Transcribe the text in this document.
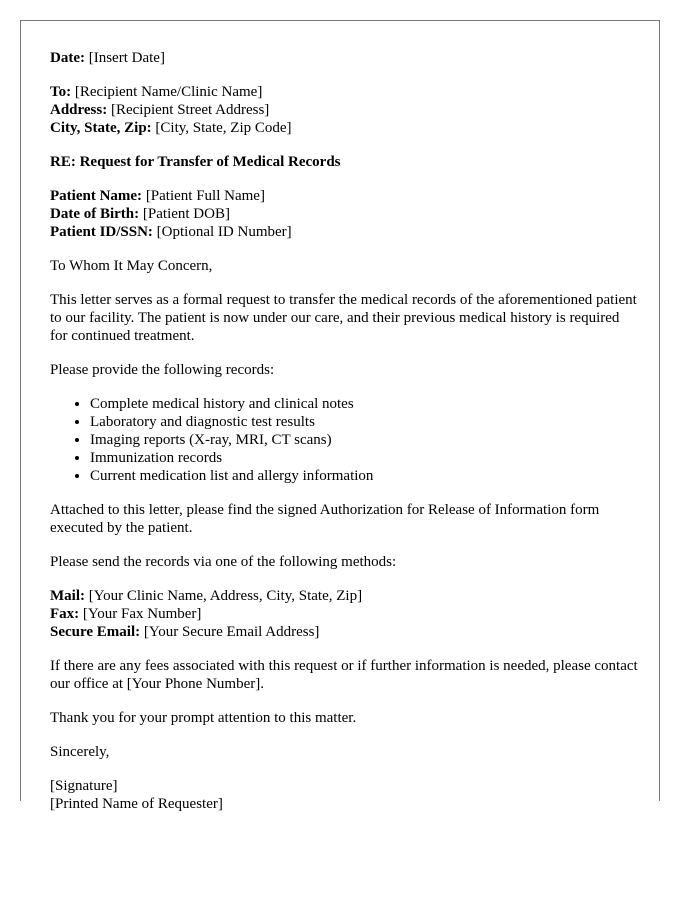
Date: [Insert Date]

To: [Recipient Name/Clinic Name]
Address: [Recipient Street Address]
City, State, Zip: [City, State, Zip Code]

RE: Request for Transfer of Medical Records

Patient Name: [Patient Full Name]
Date of Birth: [Patient DOB]
Patient ID/SSN: [Optional ID Number]

To Whom It May Concern,

This letter serves as a formal request to transfer the medical records of the aforementioned patient to our facility. The patient is now under our care, and their previous medical history is required for continued treatment.

Please provide the following records:

• Complete medical history and clinical notes
• Laboratory and diagnostic test results
• Imaging reports (X-ray, MRI, CT scans)
• Immunization records
• Current medication list and allergy information

Attached to this letter, please find the signed Authorization for Release of Information form executed by the patient.

Please send the records via one of the following methods:

Mail: [Your Clinic Name, Address, City, State, Zip]
Fax: [Your Fax Number]
Secure Email: [Your Secure Email Address]

If there are any fees associated with this request or if further information is needed, please contact our office at [Your Phone Number].

Thank you for your prompt attention to this matter.

Sincerely,

[Signature]
[Printed Name of Requester]
